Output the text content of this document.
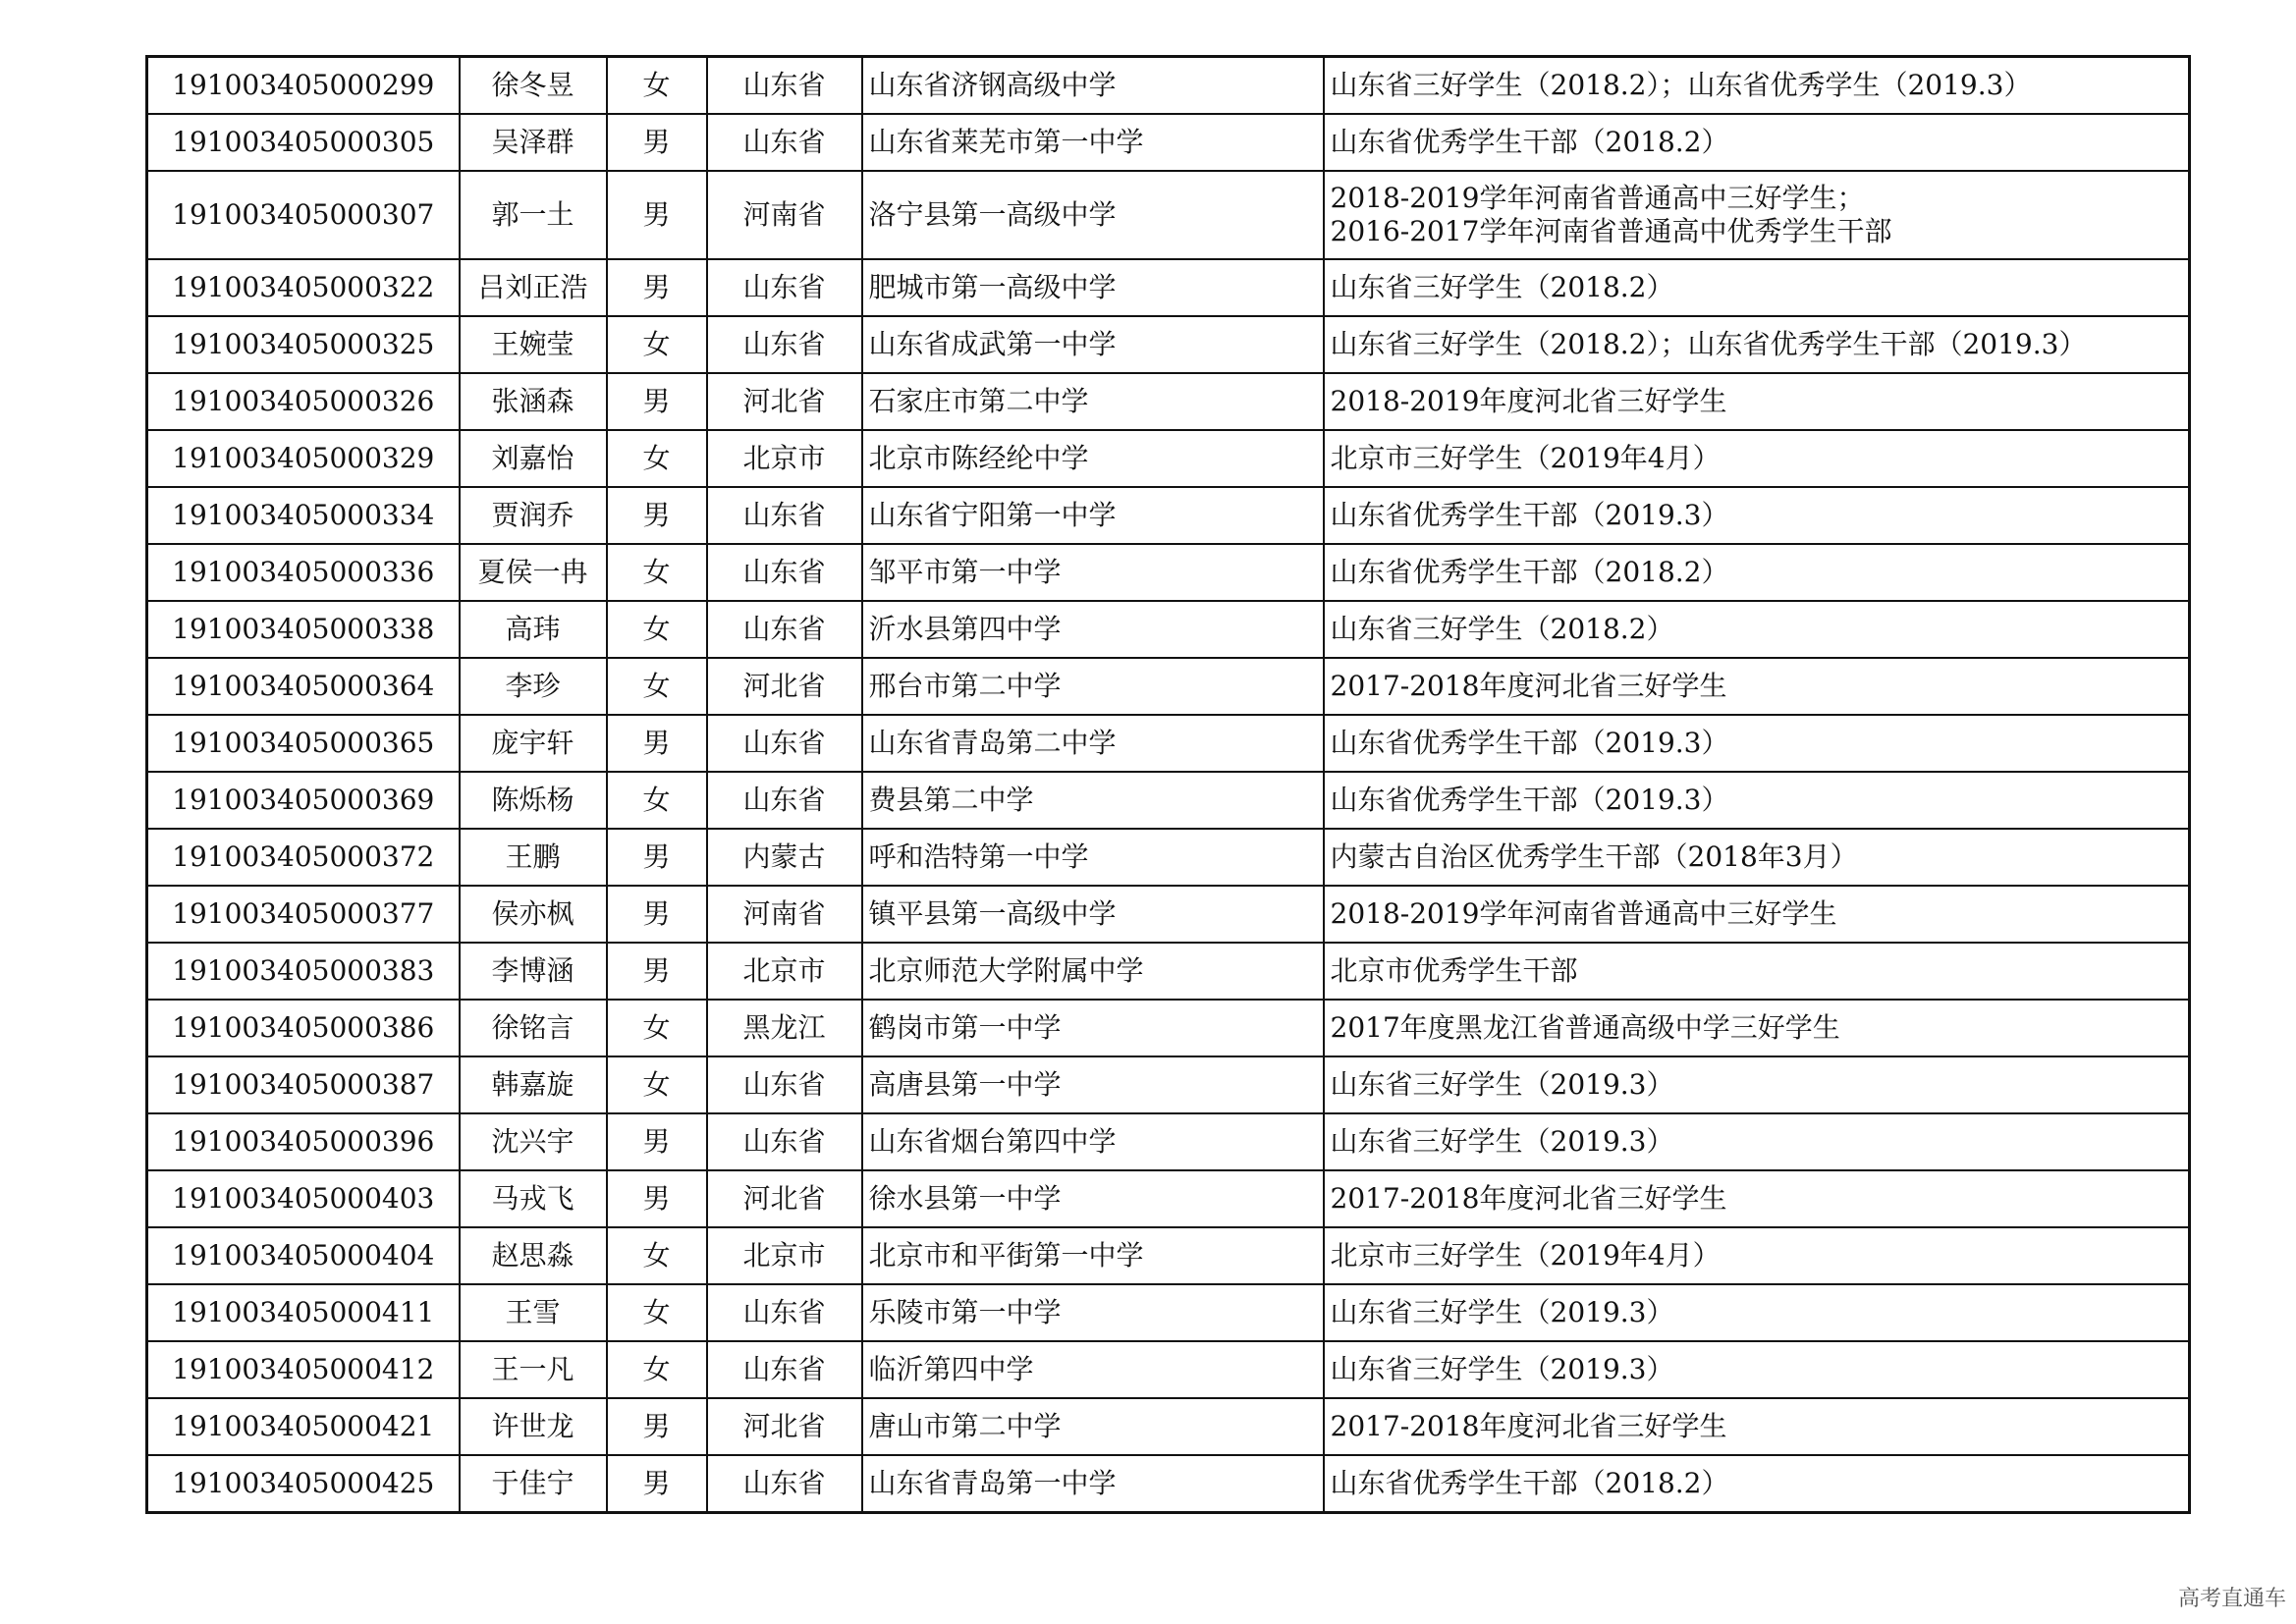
191003405000299	徐冬昱	女	山东省	山东省济钢高级中学	山东省三好学生（2018.2）；山东省优秀学生（2019.3）

191003405000305	吴泽群	男	山东省	山东省莱芜市第一中学	山东省优秀学生干部（2018.2）

191003405000307	郭一土	男	河南省	洛宁县第一高级中学	2018-2019学年河南省普通高中三好学生；
2016-2017学年河南省普通高中优秀学生干部

191003405000322	吕刘正浩	男	山东省	肥城市第一高级中学	山东省三好学生（2018.2）

191003405000325	王婉莹	女	山东省	山东省成武第一中学	山东省三好学生（2018.2）；山东省优秀学生干部（2019.3）

191003405000326	张涵森	男	河北省	石家庄市第二中学	2018-2019年度河北省三好学生

191003405000329	刘嘉怡	女	北京市	北京市陈经纶中学	北京市三好学生（2019年4月）

191003405000334	贾润乔	男	山东省	山东省宁阳第一中学	山东省优秀学生干部（2019.3）

191003405000336	夏侯一冉	女	山东省	邹平市第一中学	山东省优秀学生干部（2018.2）

191003405000338	高玮	女	山东省	沂水县第四中学	山东省三好学生（2018.2）

191003405000364	李珍	女	河北省	邢台市第二中学	2017-2018年度河北省三好学生

191003405000365	庞宇轩	男	山东省	山东省青岛第二中学	山东省优秀学生干部（2019.3）

191003405000369	陈烁杨	女	山东省	费县第二中学	山东省优秀学生干部（2019.3）

191003405000372	王鹏	男	内蒙古	呼和浩特第一中学	内蒙古自治区优秀学生干部（2018年3月）

191003405000377	侯亦枫	男	河南省	镇平县第一高级中学	2018-2019学年河南省普通高中三好学生

191003405000383	李博涵	男	北京市	北京师范大学附属中学	北京市优秀学生干部

191003405000386	徐铭言	女	黑龙江	鹤岗市第一中学	2017年度黑龙江省普通高级中学三好学生

191003405000387	韩嘉旋	女	山东省	高唐县第一中学	山东省三好学生（2019.3）

191003405000396	沈兴宇	男	山东省	山东省烟台第四中学	山东省三好学生（2019.3）

191003405000403	马戎飞	男	河北省	徐水县第一中学	2017-2018年度河北省三好学生

191003405000404	赵思淼	女	北京市	北京市和平街第一中学	北京市三好学生（2019年4月）

191003405000411	王雪	女	山东省	乐陵市第一中学	山东省三好学生（2019.3）

191003405000412	王一凡	女	山东省	临沂第四中学	山东省三好学生（2019.3）

191003405000421	许世龙	男	河北省	唐山市第二中学	2017-2018年度河北省三好学生

191003405000425	于佳宁	男	山东省	山东省青岛第一中学	山东省优秀学生干部（2018.2）
高考直通车
